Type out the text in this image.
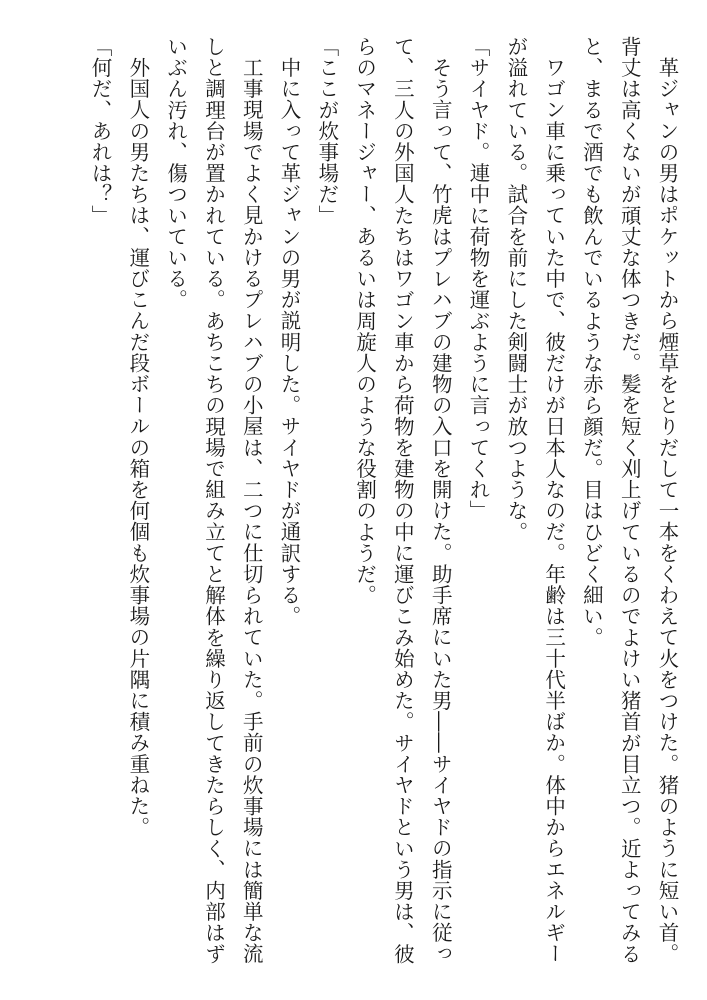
革ジャンの男はポケットから煙草をとりだして一本をくわえて火をつけた。猪のように短い首。背丈は高くないが頑丈な体つきだ。髪を短く刈上げているのでよけい猪首が目立つ。近よってみると、まるで酒でも飲んでいるような赤ら顔だ。目はひどく細い。

ワゴン車に乗っていた中で、彼だけが日本人なのだ。年齢は三十代半ばか。体中からエネルギーが溢れている。試合を前にした剣闘士が放つような。

「サイヤド。連中に荷物を運ぶように言ってくれ」

そう言って、竹虎はプレハブの建物の入口を開けた。助手席にいた男――サイヤドの指示に従って、三人の外国人たちはワゴン車から荷物を建物の中に運びこみ始めた。サイヤドという男は、彼らのマネージャー、あるいは周旋人のような役割のようだ。

「ここが炊事場だ」

中に入って革ジャンの男が説明した。サイヤドが通訳する。

工事現場でよく見かけるプレハブの小屋は、二つに仕切られていた。手前の炊事場には簡単な流しと調理台が置かれている。あちこちの現場で組み立てと解体を繰り返してきたらしく、内部はずいぶん汚れ、傷ついている。

外国人の男たちは、運びこんだ段ボールの箱を何個も炊事場の片隅に積み重ねた。

「何だ、あれは？」
